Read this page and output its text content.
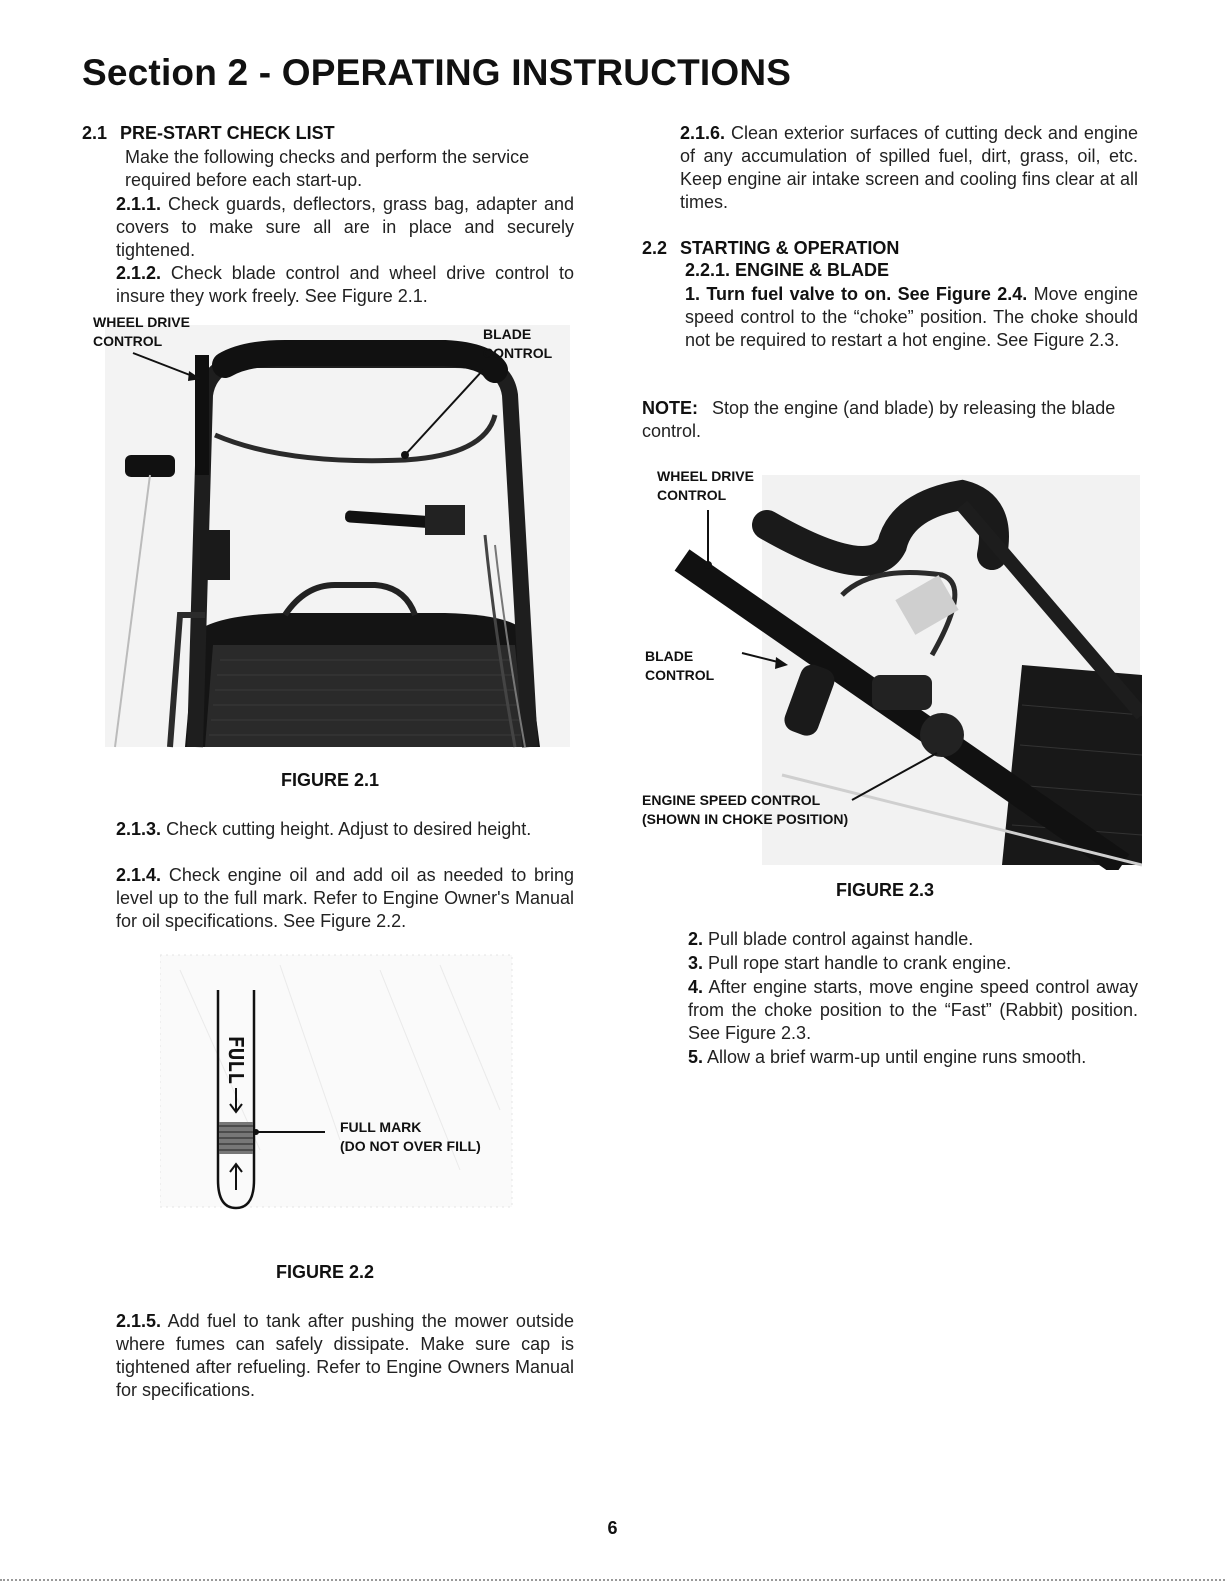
Section 2 - OPERATING INSTRUCTIONS
2.1 PRE-START CHECK LIST
Make the following checks and perform the service required before each start-up.
2.1.1. Check guards, deflectors, grass bag, adapter and covers to make sure all are in place and securely tightened.
2.1.2. Check blade control and wheel drive control to insure they work freely. See Figure 2.1.
WHEEL DRIVE
CONTROL	BLADE
CONTROL
FIGURE 2.1
2.1.3. Check cutting height. Adjust to desired height.
2.1.4. Check engine oil and add oil as needed to bring level up to the full mark. Refer to Engine Owner's Manual for oil specifications. See Figure 2.2.
FULL
FULL MARK
(DO NOT OVER FILL)
FIGURE 2.2
2.1.5. Add fuel to tank after pushing the mower outside where fumes can safely dissipate. Make sure cap is tightened after refueling. Refer to Engine Owners Manual for specifications.
2.1.6. Clean exterior surfaces of cutting deck and engine of any accumulation of spilled fuel, dirt, grass, oil, etc. Keep engine air intake screen and cooling fins clear at all times.
2.2 STARTING & OPERATION
2.2.1. ENGINE & BLADE
1. Turn fuel valve to on. See Figure 2.4. Move engine speed control to the “choke” position. The choke should not be required to restart a hot engine. See Figure 2.3.
NOTE: Stop the engine (and blade) by releasing the blade control.
WHEEL DRIVE
CONTROL
BLADE
CONTROL
ENGINE SPEED CONTROL
(SHOWN IN CHOKE POSITION)
FIGURE 2.3
2. Pull blade control against handle.
3. Pull rope start handle to crank engine.
4. After engine starts, move engine speed control away from the choke position to the “Fast” (Rabbit) position. See Figure 2.3.
5. Allow a brief warm-up until engine runs smooth.
6
